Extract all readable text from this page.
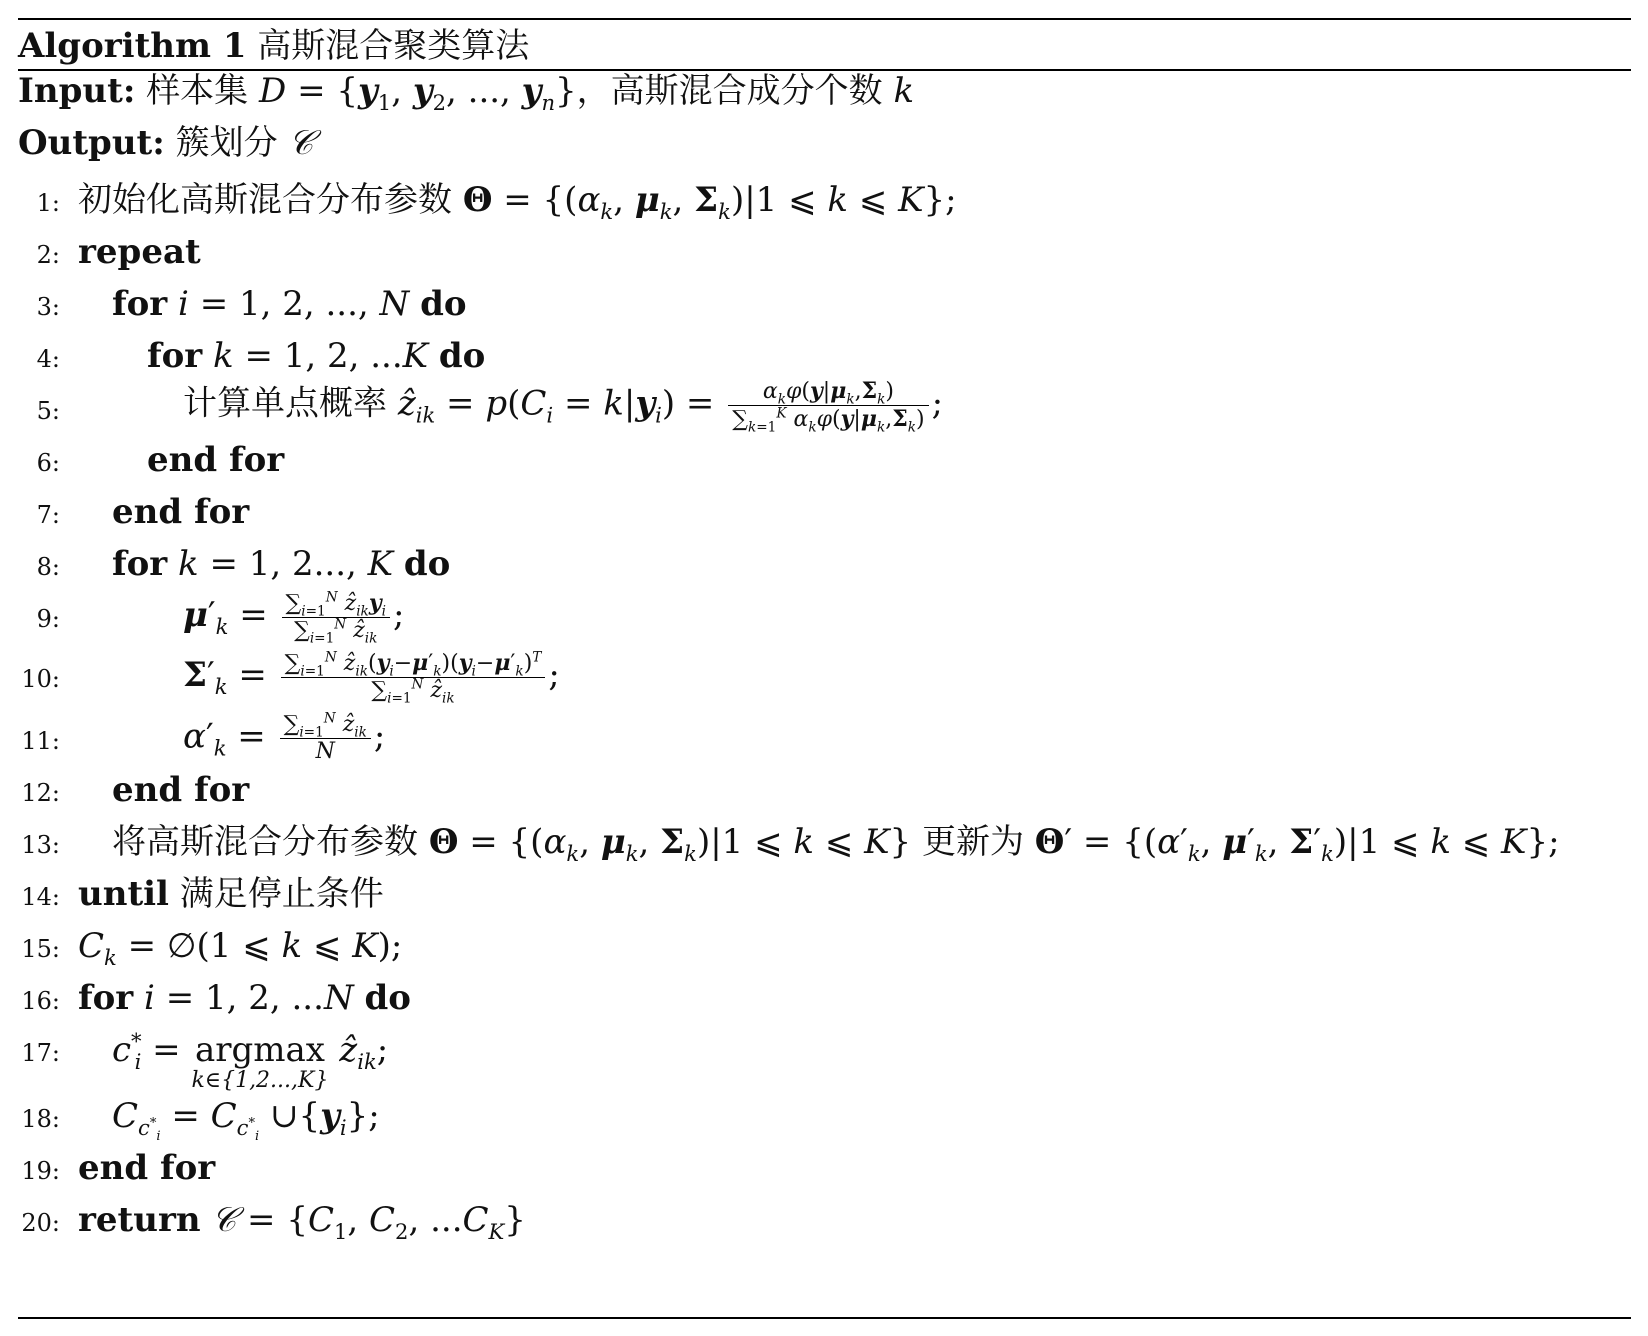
Algorithm 1 高斯混合聚类算法
Input: 样本集 $D = \{y_1$, $y_2$, ..., $y_n$}，高斯混合成分个数 k
Output: 簇划分 𝒞
1: 初始化高斯混合分布参数 $\Theta = \{(\alpha_k$, $\mu_k$, $\Sigma_k)|1$ ⩽ k ⩽ K};
2: repeat
3: for i = 1, 2, ..., N do
4:	for k = 1, 2, ...K do
5:	计算单点概率 ẑ$_{ik}$ = $p(C_i = k|y_i) = \frac{\alpha_k\varphi(y|\mu_k,\Sigma_k)}{\sum_{k=1}^K \alpha_k\varphi(y|\mu_k,\Sigma_k)}$ ;
6:	end for
7: end for
8: for k = 1, 2..., K do
9:	$\mu'_k = \frac{\sum_{i=1}^N ẑ_{ik}y_i}{\sum_{i=1}^N ẑ_{ik}}$ ;
10:	$\Sigma'_k = \frac{\sum_{i=1}^N ẑ_{ik}(y_i-\mu'_k)(y_i-\mu'_k)^T}{\sum_{i=1}^N ẑ_{ik}}$ ;
11:	$\alpha'_k = \frac{\sum_{i=1}^N ẑ_{ik}}{N}$ ;
12: end for
13: 将高斯混合分布参数 $\Theta = \{(\alpha_k$, $\mu_k$, $\Sigma_k)|1$ ⩽ k ⩽ K} 更新为 $\Theta' = \{(\alpha'_k$, $\mu'_k$, $\Sigma'_k)|1$ ⩽ k ⩽ K};
14: until 满足停止条件
15: $C_k$ = ∅(1 ⩽ k ⩽ K);
16: for i = 1, 2, ...N do
17: $c^*_i = argmax$
k∈{1,2...,K}
ẑ$_{ik}$;
18: $C_{c^*_i} = C_{c^*_i}$ $\cup\{y_i\}$;
19: end for
20: return 𝒞 = {$C_1$, $C_2$, $...C_K$}
